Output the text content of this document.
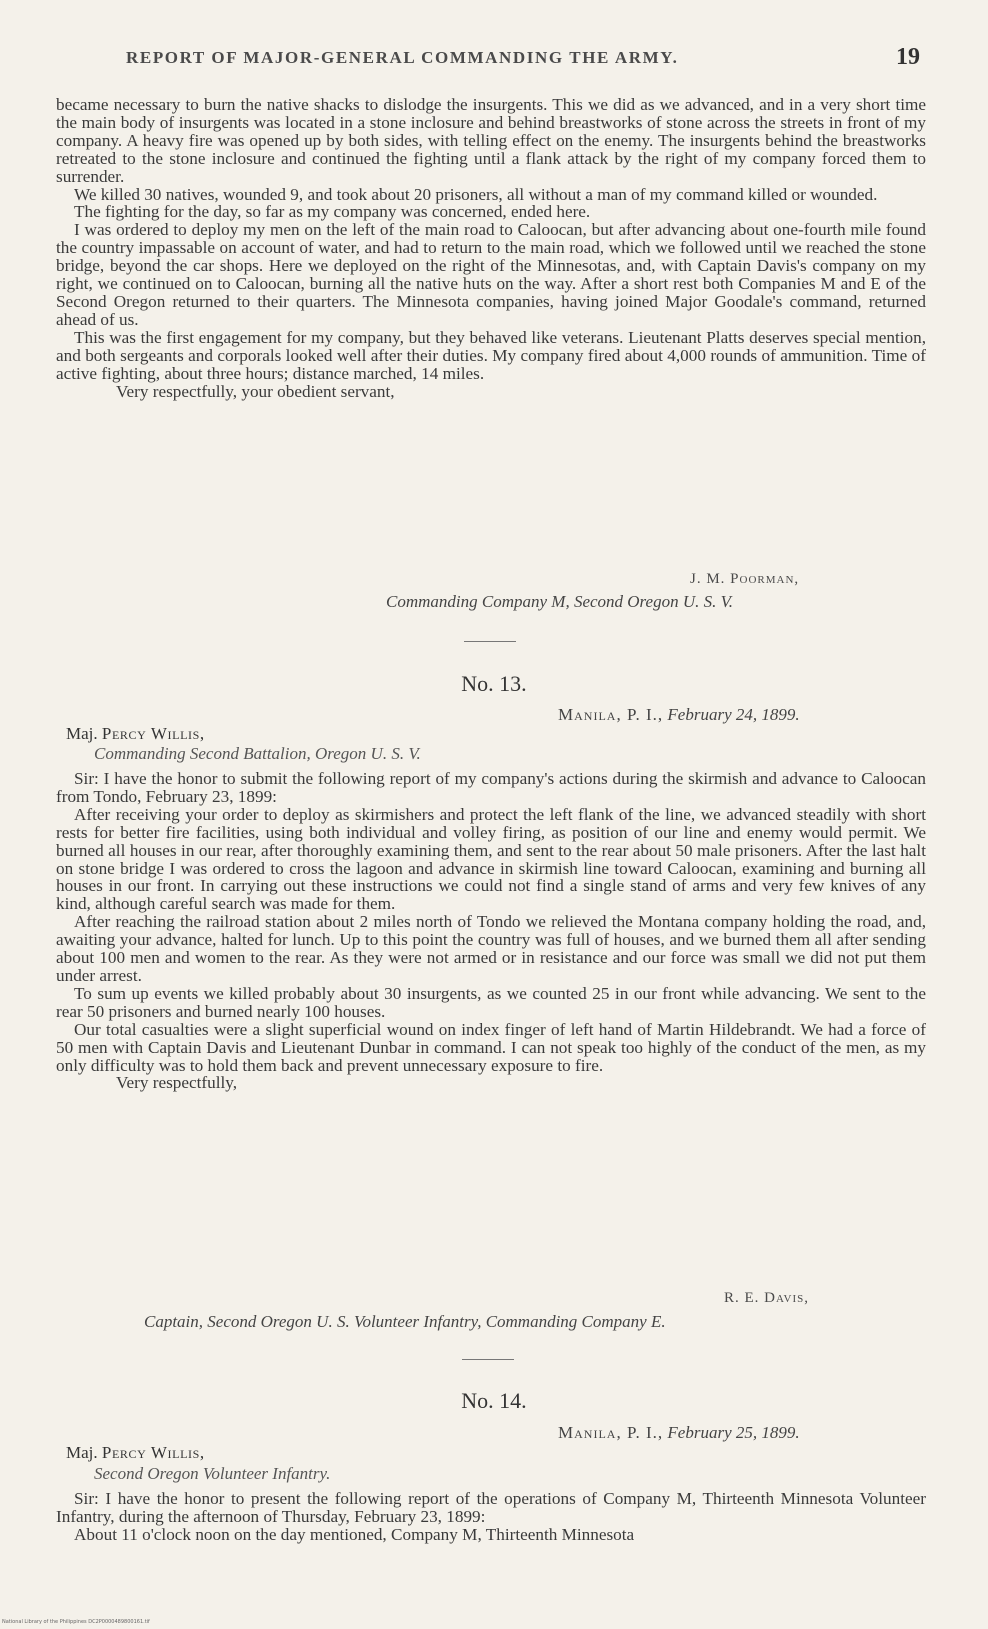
REPORT OF MAJOR-GENERAL COMMANDING THE ARMY.	19

became necessary to burn the native shacks to dislodge the insurgents. This we did as we advanced, and in a very short time the main body of insurgents was located in a stone inclosure and behind breastworks of stone across the streets in front of my company. A heavy fire was opened up by both sides, with telling effect on the enemy. The insurgents behind the breastworks retreated to the stone inclosure and continued the fighting until a flank attack by the right of my company forced them to surrender.

We killed 30 natives, wounded 9, and took about 20 prisoners, all without a man of my command killed or wounded.

The fighting for the day, so far as my company was concerned, ended here.

I was ordered to deploy my men on the left of the main road to Caloocan, but after advancing about one-fourth mile found the country impassable on account of water, and had to return to the main road, which we followed until we reached the stone bridge, beyond the car shops. Here we deployed on the right of the Minnesotas, and, with Captain Davis's company on my right, we continued on to Caloocan, burning all the native huts on the way. After a short rest both Companies M and E of the Second Oregon returned to their quarters. The Minnesota companies, having joined Major Goodale's command, returned ahead of us.

This was the first engagement for my company, but they behaved like veterans. Lieutenant Platts deserves special mention, and both sergeants and corporals looked well after their duties. My company fired about 4,000 rounds of ammunition. Time of active fighting, about three hours; distance marched, 14 miles.

Very respectfully, your obedient servant,

J. M. Poorman,
Commanding Company M, Second Oregon U. S. V.
No. 13.
Manila, P. I., February 24, 1899.
Maj. Percy Willis,
Commanding Second Battalion, Oregon U. S. V.

Sir: I have the honor to submit the following report of my company's actions during the skirmish and advance to Caloocan from Tondo, February 23, 1899:

After receiving your order to deploy as skirmishers and protect the left flank of the line, we advanced steadily with short rests for better fire facilities, using both individual and volley firing, as position of our line and enemy would permit. We burned all houses in our rear, after thoroughly examining them, and sent to the rear about 50 male prisoners. After the last halt on stone bridge I was ordered to cross the lagoon and advance in skirmish line toward Caloocan, examining and burning all houses in our front. In carrying out these instructions we could not find a single stand of arms and very few knives of any kind, although careful search was made for them.

After reaching the railroad station about 2 miles north of Tondo we relieved the Montana company holding the road, and, awaiting your advance, halted for lunch. Up to this point the country was full of houses, and we burned them all after sending about 100 men and women to the rear. As they were not armed or in resistance and our force was small we did not put them under arrest.

To sum up events we killed probably about 30 insurgents, as we counted 25 in our front while advancing. We sent to the rear 50 prisoners and burned nearly 100 houses.

Our total casualties were a slight superficial wound on index finger of left hand of Martin Hildebrandt. We had a force of 50 men with Captain Davis and Lieutenant Dunbar in command. I can not speak too highly of the conduct of the men, as my only difficulty was to hold them back and prevent unnecessary exposure to fire.

Very respectfully,

R. E. Davis,
Captain, Second Oregon U. S. Volunteer Infantry, Commanding Company E.
No. 14.
Manila, P. I., February 25, 1899.
Maj. Percy Willis,
Second Oregon Volunteer Infantry.

Sir: I have the honor to present the following report of the operations of Company M, Thirteenth Minnesota Volunteer Infantry, during the afternoon of Thursday, February 23, 1899:

About 11 o'clock noon on the day mentioned, Company M, Thirteenth Minnesota

National Library of the Philippines DC2P0000489800161.tif
